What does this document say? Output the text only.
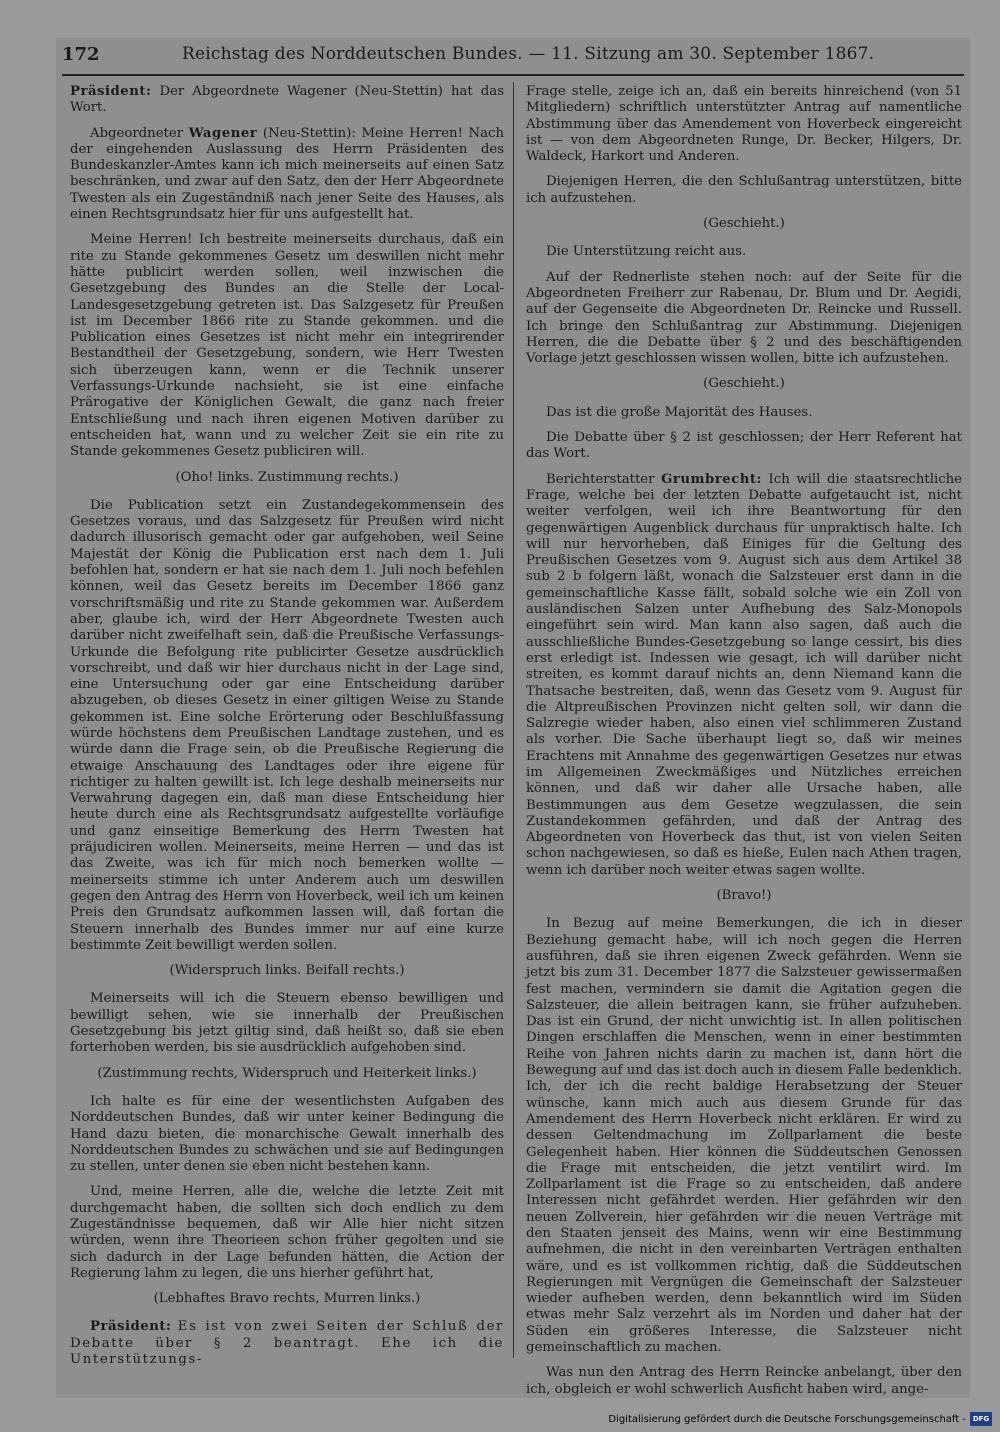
172	Reichstag des Norddeutschen Bundes. — 11. Sitzung am 30. September 1867.

Präsident: Der Abgeordnete Wagener (Neu-Stettin) hat das Wort.

Abgeordneter Wagener (Neu-Stettin): Meine Herren! Nach der eingehenden Auslassung des Herrn Präsidenten des Bundeskanzler-Amtes kann ich mich meinerseits auf einen Satz beschränken, und zwar auf den Satz, den der Herr Abgeordnete Twesten als ein Zugeständniß nach jener Seite des Hauses, als einen Rechtsgrundsatz hier für uns aufgestellt hat.

Meine Herren! Ich bestreite meinerseits durchaus, daß ein rite zu Stande gekommenes Gesetz um deswillen nicht mehr hätte publicirt werden sollen, weil inzwischen die Gesetzgebung des Bundes an die Stelle der Local-Landesgesetzgebung getreten ist. Das Salzgesetz für Preußen ist im December 1866 rite zu Stande gekommen. und die Publication eines Gesetzes ist nicht mehr ein integrirender Bestandtheil der Gesetzgebung, sondern, wie Herr Twesten sich überzeugen kann, wenn er die Technik unserer Verfassungs-Urkunde nachsieht, sie ist eine einfache Prärogative der Königlichen Gewalt, die ganz nach freier Entschließung und nach ihren eigenen Motiven darüber zu entscheiden hat, wann und zu welcher Zeit sie ein rite zu Stande gekommenes Gesetz publiciren will.

(Oho! links. Zustimmung rechts.)

Die Publication setzt ein Zustandegekommensein des Gesetzes voraus, und das Salzgesetz für Preußen wird nicht dadurch illusorisch gemacht oder gar aufgehoben, weil Seine Majestät der König die Publication erst nach dem 1. Juli befohlen hat, sondern er hat sie nach dem 1. Juli noch befehlen können, weil das Gesetz bereits im December 1866 ganz vorschriftsmäßig und rite zu Stande gekommen war. Außerdem aber, glaube ich, wird der Herr Abgeordnete Twesten auch darüber nicht zweifelhaft sein, daß die Preußische Verfassungs-Urkunde die Befolgung rite publicirter Gesetze ausdrücklich vorschreibt, und daß wir hier durchaus nicht in der Lage sind, eine Untersuchung oder gar eine Entscheidung darüber abzugeben, ob dieses Gesetz in einer giltigen Weise zu Stande gekommen ist. Eine solche Erörterung oder Beschlußfassung würde höchstens dem Preußischen Landtage zustehen, und es würde dann die Frage sein, ob die Preußische Regierung die etwaige Anschauung des Landtages oder ihre eigene für richtiger zu halten gewillt ist. Ich lege deshalb meinerseits nur Verwahrung dagegen ein, daß man diese Entscheidung hier heute durch eine als Rechtsgrundsatz aufgestellte vorläufige und ganz einseitige Bemerkung des Herrn Twesten hat präjudiciren wollen. Meinerseits, meine Herren — und das ist das Zweite, was ich für mich noch bemerken wollte — meinerseits stimme ich unter Anderem auch um deswillen gegen den Antrag des Herrn von Hoverbeck, weil ich um keinen Preis den Grundsatz aufkommen lassen will, daß fortan die Steuern innerhalb des Bundes immer nur auf eine kurze bestimmte Zeit bewilligt werden sollen.

(Widerspruch links. Beifall rechts.)

Meinerseits will ich die Steuern ebenso bewilligen und bewilligt sehen, wie sie innerhalb der Preußischen Gesetzgebung bis jetzt giltig sind, daß heißt so, daß sie eben forterhoben werden, bis sie ausdrücklich aufgehoben sind.

(Zustimmung rechts, Widerspruch und Heiterkeit links.)

Ich halte es für eine der wesentlichsten Aufgaben des Norddeutschen Bundes, daß wir unter keiner Bedingung die Hand dazu bieten, die monarchische Gewalt innerhalb des Norddeutschen Bundes zu schwächen und sie auf Bedingungen zu stellen, unter denen sie eben nicht bestehen kann.

Und, meine Herren, alle die, welche die letzte Zeit mit durchgemacht haben, die sollten sich doch endlich zu dem Zugeständnisse bequemen, daß wir Alle hier nicht sitzen würden, wenn ihre Theorieen schon früher gegolten und sie sich dadurch in der Lage befunden hätten, die Action der Regierung lahm zu legen, die uns hierher geführt hat,

(Lebhaftes Bravo rechts, Murren links.)

Präsident: Es ist von zwei Seiten der Schluß der Debatte über § 2 beantragt. Ehe ich die Unterstützungs-

Frage stelle, zeige ich an, daß ein bereits hinreichend (von 51 Mitgliedern) schriftlich unterstützter Antrag auf namentliche Abstimmung über das Amendement von Hoverbeck eingereicht ist — von dem Abgeordneten Runge, Dr. Becker, Hilgers, Dr. Waldeck, Harkort und Anderen.

Diejenigen Herren, die den Schlußantrag unterstützen, bitte ich aufzustehen.

(Geschieht.)

Die Unterstützung reicht aus.

Auf der Rednerliste stehen noch: auf der Seite für die Abgeordneten Freiherr zur Rabenau, Dr. Blum und Dr. Aegidi, auf der Gegenseite die Abgeordneten Dr. Reincke und Russell. Ich bringe den Schlußantrag zur Abstimmung. Diejenigen Herren, die die Debatte über § 2 und des beschäftigenden Vorlage jetzt geschlossen wissen wollen, bitte ich aufzustehen.

(Geschieht.)

Das ist die große Majorität des Hauses.

Die Debatte über § 2 ist geschlossen; der Herr Referent hat das Wort.

Berichterstatter Grumbrecht: Ich will die staatsrechtliche Frage, welche bei der letzten Debatte aufgetaucht ist, nicht weiter verfolgen, weil ich ihre Beantwortung für den gegenwärtigen Augenblick durchaus für unpraktisch halte. Ich will nur hervorheben, daß Einiges für die Geltung des Preußischen Gesetzes vom 9. August sich aus dem Artikel 38 sub 2 b folgern läßt, wonach die Salzsteuer erst dann in die gemeinschaftliche Kasse fällt, sobald solche wie ein Zoll von ausländischen Salzen unter Aufhebung des Salz-Monopols eingeführt sein wird. Man kann also sagen, daß auch die ausschließliche Bundes-Gesetzgebung so lange cessirt, bis dies erst erledigt ist. Indessen wie gesagt, ich will darüber nicht streiten, es kommt darauf nichts an, denn Niemand kann die Thatsache bestreiten, daß, wenn das Gesetz vom 9. August für die Altpreußischen Provinzen nicht gelten soll, wir dann die Salzregie wieder haben, also einen viel schlimmeren Zustand als vorher. Die Sache überhaupt liegt so, daß wir meines Erachtens mit Annahme des gegenwärtigen Gesetzes nur etwas im Allgemeinen Zweckmäßiges und Nützliches erreichen können, und daß wir daher alle Ursache haben, alle Bestimmungen aus dem Gesetze wegzulassen, die sein Zustandekommen gefährden, und daß der Antrag des Abgeordneten von Hoverbeck das thut, ist von vielen Seiten schon nachgewiesen, so daß es hieße, Eulen nach Athen tragen, wenn ich darüber noch weiter etwas sagen wollte.

(Bravo!)

In Bezug auf meine Bemerkungen, die ich in dieser Beziehung gemacht habe, will ich noch gegen die Herren ausführen, daß sie ihren eigenen Zweck gefährden. Wenn sie jetzt bis zum 31. December 1877 die Salzsteuer gewissermaßen fest machen, vermindern sie damit die Agitation gegen die Salzsteuer, die allein beitragen kann, sie früher aufzuheben. Das ist ein Grund, der nicht unwichtig ist. In allen politischen Dingen erschlaffen die Menschen, wenn in einer bestimmten Reihe von Jahren nichts darin zu machen ist, dann hört die Bewegung auf und das ist doch auch in diesem Falle bedenklich. Ich, der ich die recht baldige Herabsetzung der Steuer wünsche, kann mich auch aus diesem Grunde für das Amendement des Herrn Hoverbeck nicht erklären. Er wird zu dessen Geltendmachung im Zollparlament die beste Gelegenheit haben. Hier können die Süddeutschen Genossen die Frage mit entscheiden, die jetzt ventilirt wird. Im Zollparlament ist die Frage so zu entscheiden, daß andere Interessen nicht gefährdet werden. Hier gefährden wir den neuen Zollverein, hier gefährden wir die neuen Verträge mit den Staaten jenseit des Mains, wenn wir eine Bestimmung aufnehmen, die nicht in den vereinbarten Verträgen enthalten wäre, und es ist vollkommen richtig, daß die Süddeutschen Regierungen mit Vergnügen die Gemeinschaft der Salzsteuer wieder aufheben werden, denn bekanntlich wird im Süden etwas mehr Salz verzehrt als im Norden und daher hat der Süden ein größeres Interesse, die Salzsteuer nicht gemeinschaftlich zu machen.

Was nun den Antrag des Herrn Reincke anbelangt, über den ich, obgleich er wohl schwerlich Ausficht haben wird, ange-

Digitalisierung gefördert durch die Deutsche Forschungsgemeinschaft - DFG
